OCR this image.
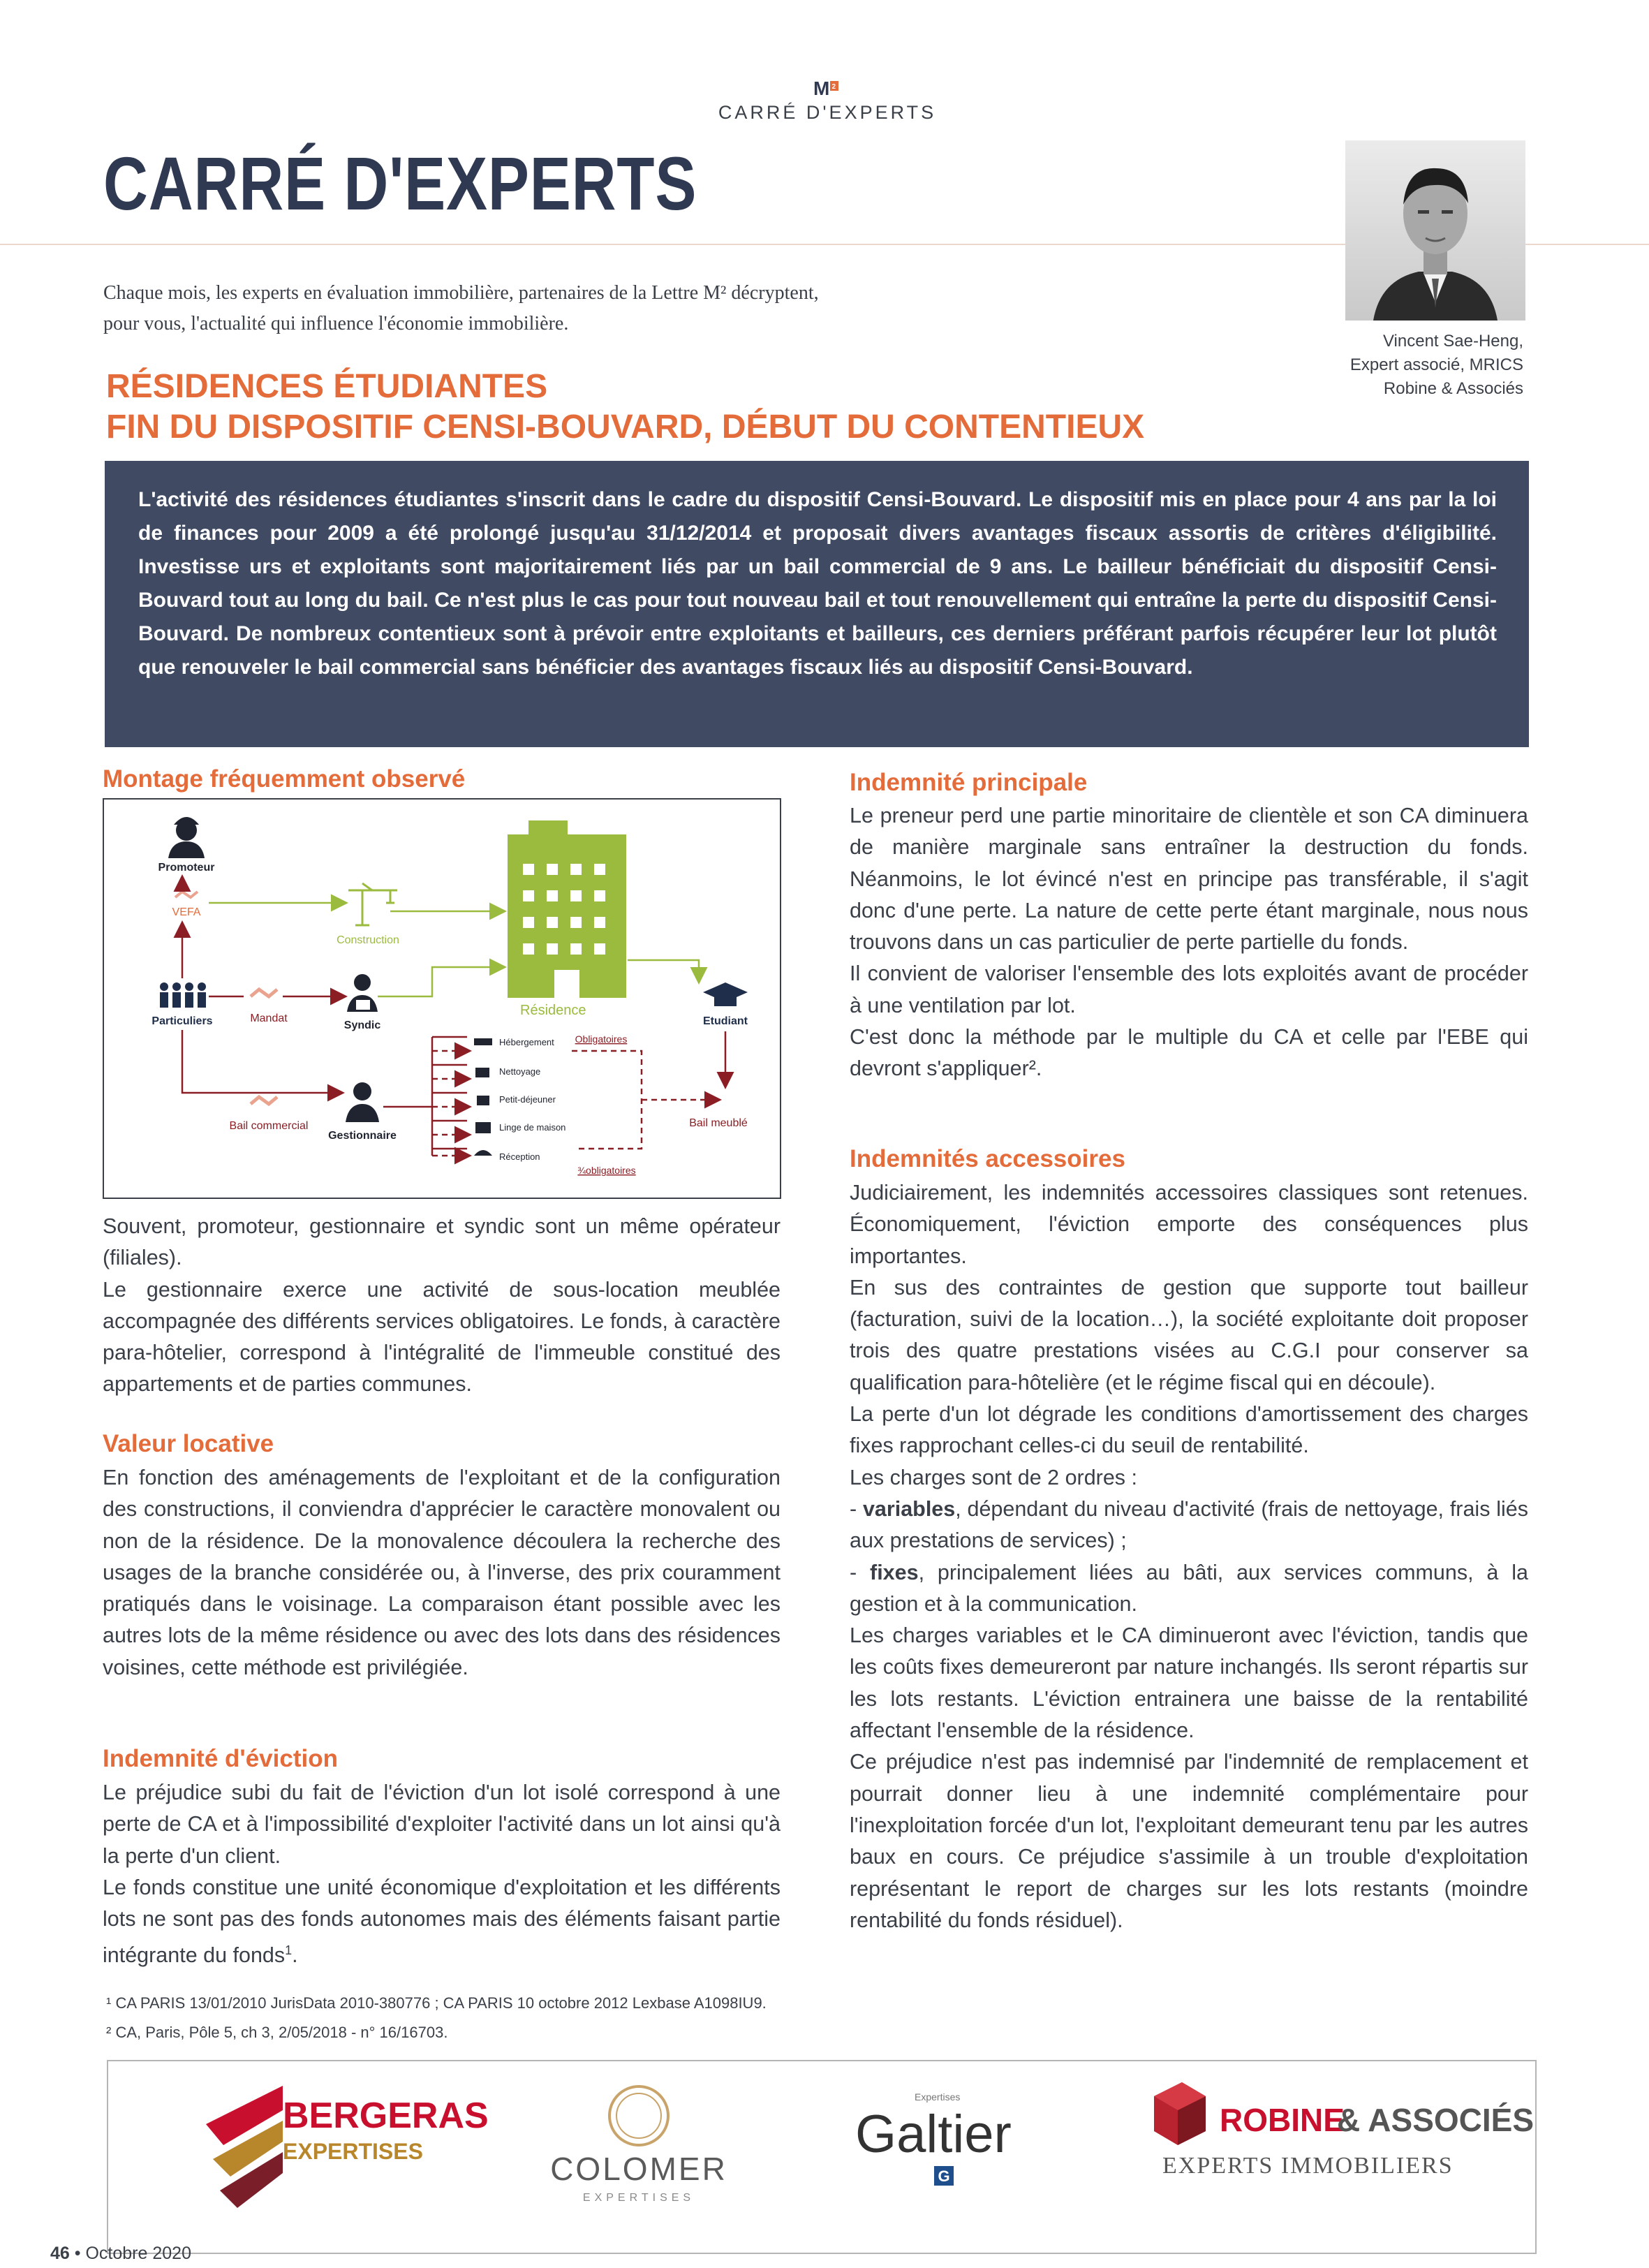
M 2
CARRÉ D'EXPERTS
CARRÉ D'EXPERTS
Vincent Sae-Heng,
Expert associé, MRICS
Robine & Associés
Chaque mois, les experts en évaluation immobilière, partenaires de la Lettre M² décryptent,
pour vous, l'actualité qui influence l'économie immobilière.
RÉSIDENCES ÉTUDIANTES
FIN DU DISPOSITIF CENSI-BOUVARD, DÉBUT DU CONTENTIEUX
L'activité des résidences étudiantes s'inscrit dans le cadre du dispositif Censi-Bouvard. Le dispositif mis en place pour 4 ans par la loi de finances pour 2009 a été prolongé jusqu'au 31/12/2014 et proposait divers avantages fiscaux assortis de critères d'éligibilité. Investisse urs et exploitants sont majoritairement liés par un bail commercial de 9 ans. Le bailleur bénéficiait du dispositif Censi-Bouvard tout au long du bail. Ce n'est plus le cas pour tout nouveau bail et tout renouvellement qui entraîne la perte du dispositif Censi-Bouvard. De nombreux contentieux sont à prévoir entre exploitants et bailleurs, ces derniers préférant parfois récupérer leur lot plutôt que renouveler le bail commercial sans bénéficier des avantages fiscaux liés au dispositif Censi-Bouvard.
Montage fréquemment observé
Résidence
Promoteur
VEFA
Construction
Particuliers	Mandat
Syndic	Etudiant
Gestionnaire
Bail commercial
Hébergement
Nettoyage
Petit-déjeuner
Linge de maison
Réception
Obligatoires
¾obligatoires
Bail meublé

Souvent, promoteur, gestionnaire et syndic sont un même opérateur (filiales).

Le gestionnaire exerce une activité de sous-location meublée accompagnée des différents services obligatoires. Le fonds, à caractère para-hôtelier, correspond à l'intégralité de l'immeuble constitué des appartements et de parties communes.

Valeur locative

En fonction des aménagements de l'exploitant et de la configuration des constructions, il conviendra d'apprécier le caractère monovalent ou non de la résidence. De la monovalence découlera la recherche des usages de la branche considérée ou, à l'inverse, des prix couramment pratiqués dans le voisinage. La comparaison étant possible avec les autres lots de la même résidence ou avec des lots dans des résidences voisines, cette méthode est privilégiée.

Indemnité d'éviction

Le préjudice subi du fait de l'éviction d'un lot isolé correspond à une perte de CA et à l'impossibilité d'exploiter l'activité dans un lot ainsi qu'à la perte d'un client.

Le fonds constitue une unité économique d'exploitation et les différents lots ne sont pas des fonds autonomes mais des éléments faisant partie intégrante du fonds$^1$.

Indemnité principale

Le preneur perd une partie minoritaire de clientèle et son CA diminuera de manière marginale sans entraîner la destruction du fonds. Néanmoins, le lot évincé n'est en principe pas transférable, il s'agit donc d'une perte. La nature de cette perte étant marginale, nous nous trouvons dans un cas particulier de perte partielle du fonds.

Il convient de valoriser l'ensemble des lots exploités avant de procéder à une ventilation par lot.

C'est donc la méthode par le multiple du CA et celle par l'EBE qui devront s'appliquer².

Indemnités accessoires

Judiciairement, les indemnités accessoires classiques sont retenues. Économiquement, l'éviction emporte des conséquences plus importantes.

En sus des contraintes de gestion que supporte tout bailleur (facturation, suivi de la location…), la société exploitante doit proposer trois des quatre prestations visées au C.G.I pour conserver sa qualification para-hôtelière (et le régime fiscal qui en découle).

La perte d'un lot dégrade les conditions d'amortissement des charges fixes rapprochant celles-ci du seuil de rentabilité.

Les charges sont de 2 ordres :

- variables, dépendant du niveau d'activité (frais de nettoyage, frais liés aux prestations de services) ;

- fixes, principalement liées au bâti, aux services communs, à la gestion et à la communication.

Les charges variables et le CA diminueront avec l'éviction, tandis que les coûts fixes demeureront par nature inchangés. Ils seront répartis sur les lots restants. L'éviction entrainera une baisse de la rentabilité affectant l'ensemble de la résidence.

Ce préjudice n'est pas indemnisé par l'indemnité de remplacement et pourrait donner lieu à une indemnité complémentaire pour l'inexploitation forcée d'un lot, l'exploitant demeurant tenu par les autres baux en cours. Ce préjudice s'assimile à un trouble d'exploitation représentant le report de charges sur les lots restants (moindre rentabilité du fonds résiduel).

¹ CA PARIS 13/01/2010 JurisData 2010-380776 ; CA PARIS 10 octobre 2012 Lexbase A1098IU9.
² CA, Paris, Pôle 5, ch 3, 2/05/2018 - n° 16/16703.
BERGERAS
EXPERTISES	COLOMER
EXPERTISES
Expertises
Galtier
G
ROBINE
& ASSOCIÉS
EXPERTS IMMOBILIERS
46 • Octobre 2020
